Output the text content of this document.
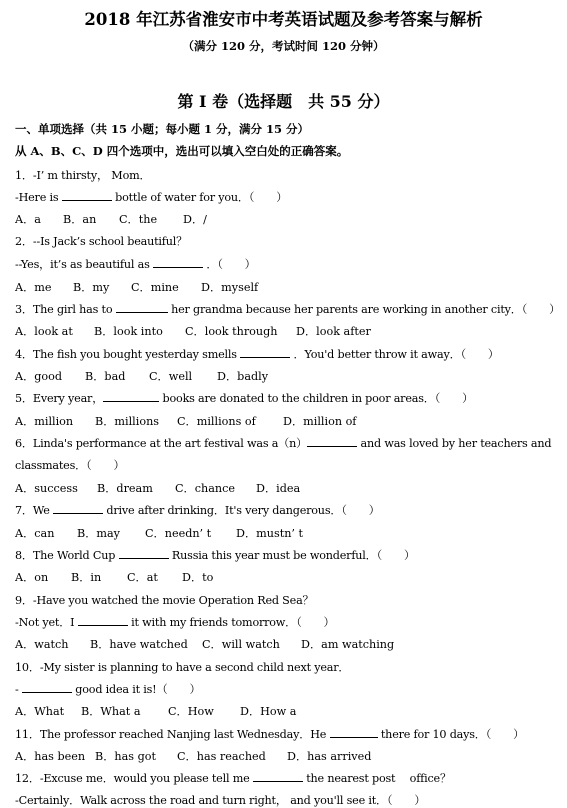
2018 年江苏省淮安市中考英语试题及参考答案与解析
（满分 120 分，考试时间 120 分钟）
第 I 卷（选择题　共 55 分）
一、单项选择（共 15 小题；每小题 1 分，满分 15 分）
从 A、B、C、D 四个选项中，选出可以填入空白处的正确答案。
1．-I’ m thirsty， Mom．
-Here is	bottle of water for you．（　　）
A．a B．an C．the D．/
2．--Is Jack’s school beautiful？
--Yes，it’s as beautiful as	．（　　）
A．me B．my C．mine D．myself
3．The girl has to	her grandma because her parents are working in another city．（　　）
A．look at B．look into C．look through D．look after
4．The fish you bought yesterday smells	．You'd better throw it away．（　　）
A．good B．bad C．well D．badly
5．Every year，	books are donated to the children in poor areas．（　　）
A．million B．millions C．millions of D．million of
6．Linda's performance at the art festival was a（n）	and was loved by her teachers and
classmates．（　　）
A．success B．dream C．chance D．idea
7．We	drive after drinking．It's very dangerous．（　　）
A．can B．may C．needn’ t D．mustn’ t
8．The World Cup	Russia this year must be wonderful．（　　）
A．on B．in C．at D．to
9．-Have you watched the movie Operation Red Sea？
-Not yet．I	it with my friends tomorrow．（　　）
A．watch B．have watched C．will watch D．am watching
10．-My sister is planning to have a second child next year．
-	good idea it is!（　　）
A．What B．What a C．How D．How a
11．The professor reached Nanjing last Wednesday．He	there for 10 days．（　　）
A．has been B．has got C．has reached D．has arrived
12．-Excuse me．would you please tell me	the nearest post　 office？
-Certainly．Walk across the road and turn right， and you'll see it．（　　）
